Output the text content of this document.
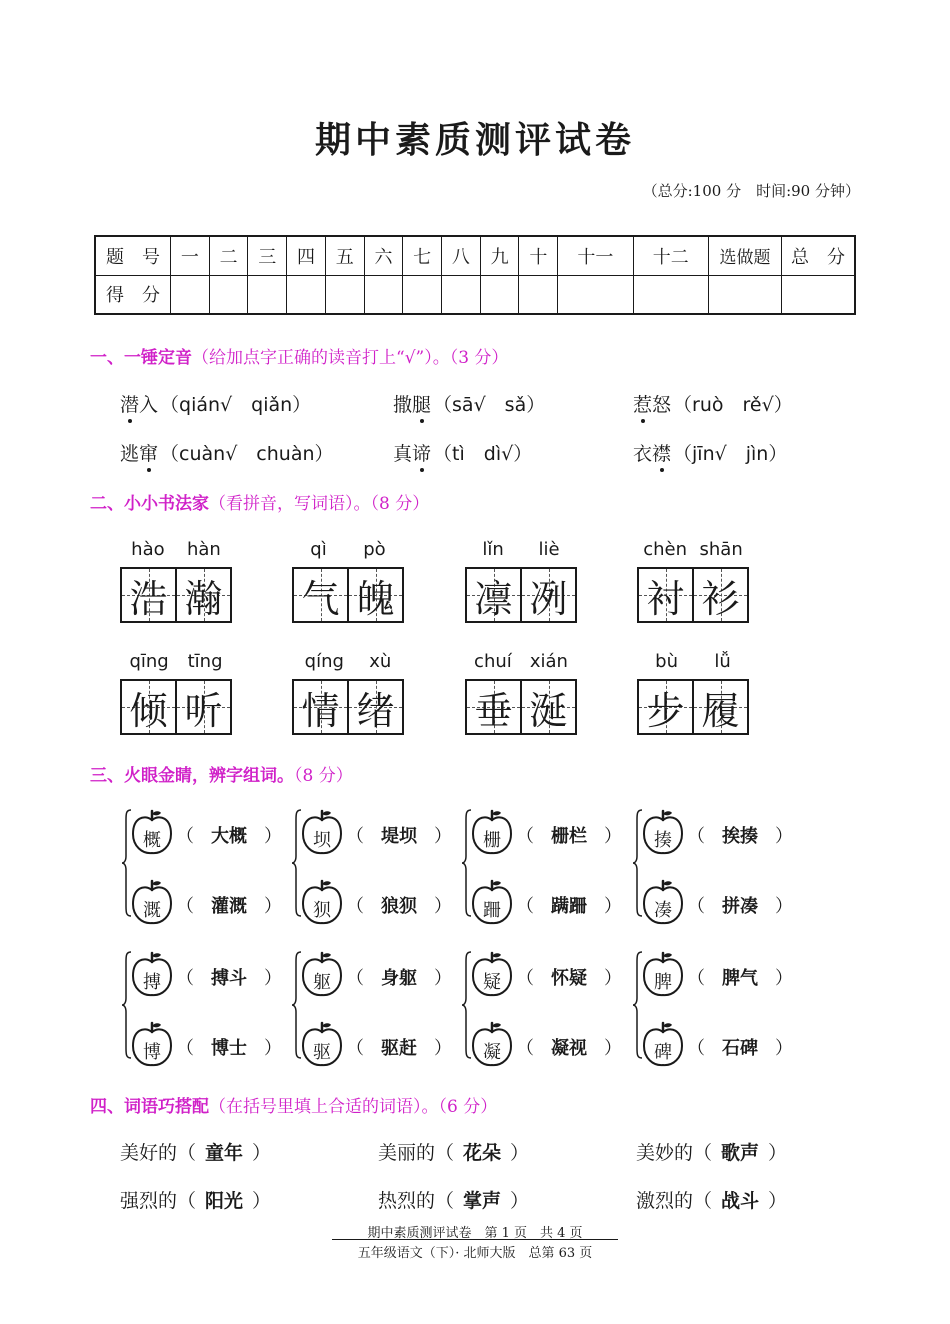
期中素质测评试卷
（总分:100 分　时间:90 分钟）
题　号	一	二	三	四	五	六	七	八	九	十	十一	十二	选做题	总　分
得　分														
一、一锤定音（给加点字正确的读音打上“√”）。（3 分）
潜入 （qián√　qiǎn）	撒腿 （sā√　sǎ）	惹怒 （ruò　rě√）
逃窜 （cuàn√　chuàn）	真谛 （tì　dì√）	衣襟 （jīn√　jìn）
二、小小书法家（看拼音，写词语）。（8 分）
hào hàn
浩 瀚
qì pò
气 魄
lǐn liè
凛 冽
chèn shān
衬 衫
qīng tīng
倾 听
qíng xù
情 绪
chuí xián
垂 涎
bù lǚ
步 履
三、火眼金睛，辨字组词。（8 分）
概 （ 大概 ）
溉 （ 灌溉 ）
坝 （ 堤坝 ）
狈 （ 狼狈 ）
栅 （ 栅栏 ）
跚 （ 蹒跚 ）
揍 （ 挨揍 ）
凑 （ 拼凑 ）
搏 （ 搏斗 ）
博 （ 博士 ）
躯 （ 身躯 ）
驱 （ 驱赶 ）
疑 （ 怀疑 ）
凝 （ 凝视 ）
脾 （ 脾气 ）
碑 （ 石碑 ）
四、词语巧搭配（在括号里填上合适的词语）。（6 分）
美好的（ 童年 ）	美丽的（ 花朵 ）	美妙的（ 歌声 ）
强烈的（ 阳光 ）	热烈的（ 掌声 ）	激烈的（ 战斗 ）
期中素质测评试卷　第 1 页　共 4 页
五年级语文（下）· 北师大版　总第 63 页
